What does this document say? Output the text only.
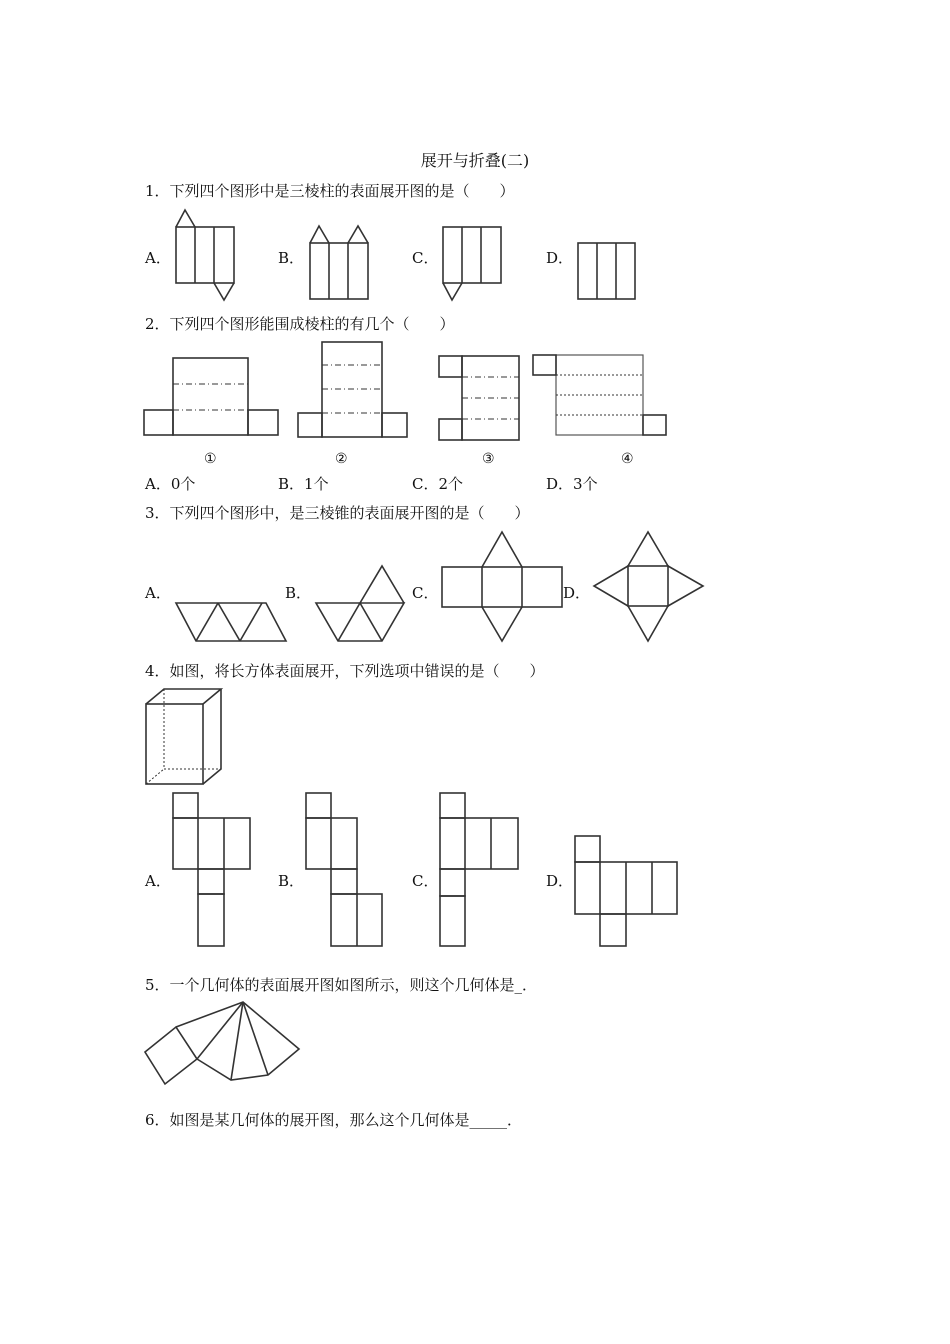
展开与折叠(二)
1．下列四个图形中是三棱柱的表面展开图的是（　　）
A．	B．	C．	D．
2．下列四个图形能围成棱柱的有几个（　　）
①	②	③	④
A．0个	B．1个	C．2个	D．3个
3．下列四个图形中，是三棱锥的表面展开图的是（　　）
A．	B．	C．	D．
4．如图，将长方体表面展开，下列选项中错误的是（　　）
A．	B．	C．	D．
5．一个几何体的表面展开图如图所示，则这个几何体是_．
6．如图是某几何体的展开图，那么这个几何体是_____．
